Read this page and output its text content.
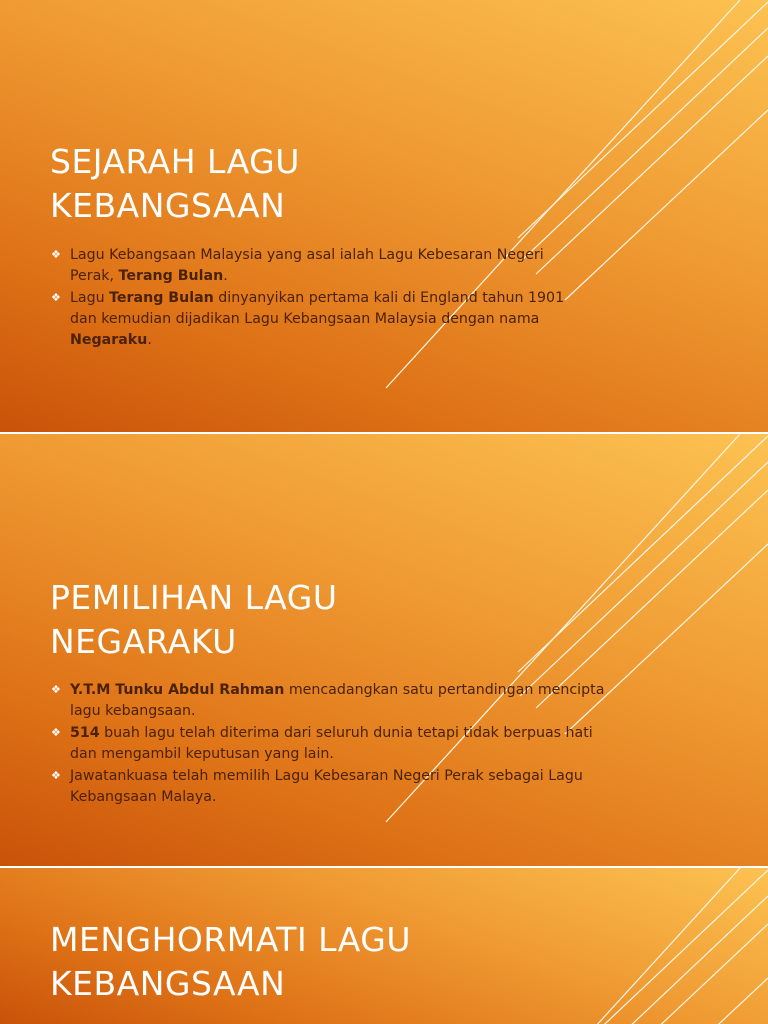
SEJARAH LAGU
KEBANGSAAN
❖ Lagu Kebangsaan Malaysia yang asal ialah Lagu Kebesaran Negeri
Perak, Terang Bulan.
❖ Lagu Terang Bulan dinyanyikan pertama kali di England tahun 1901
dan kemudian dijadikan Lagu Kebangsaan Malaysia dengan nama
Negaraku.
PEMILIHAN LAGU
NEGARAKU
❖ Y.T.M Tunku Abdul Rahman mencadangkan satu pertandingan mencipta
lagu kebangsaan.
❖ 514 buah lagu telah diterima dari seluruh dunia tetapi tidak berpuas hati
dan mengambil keputusan yang lain.
❖ Jawatankuasa telah memilih Lagu Kebesaran Negeri Perak sebagai Lagu
Kebangsaan Malaya.
MENGHORMATI LAGU
KEBANGSAAN
